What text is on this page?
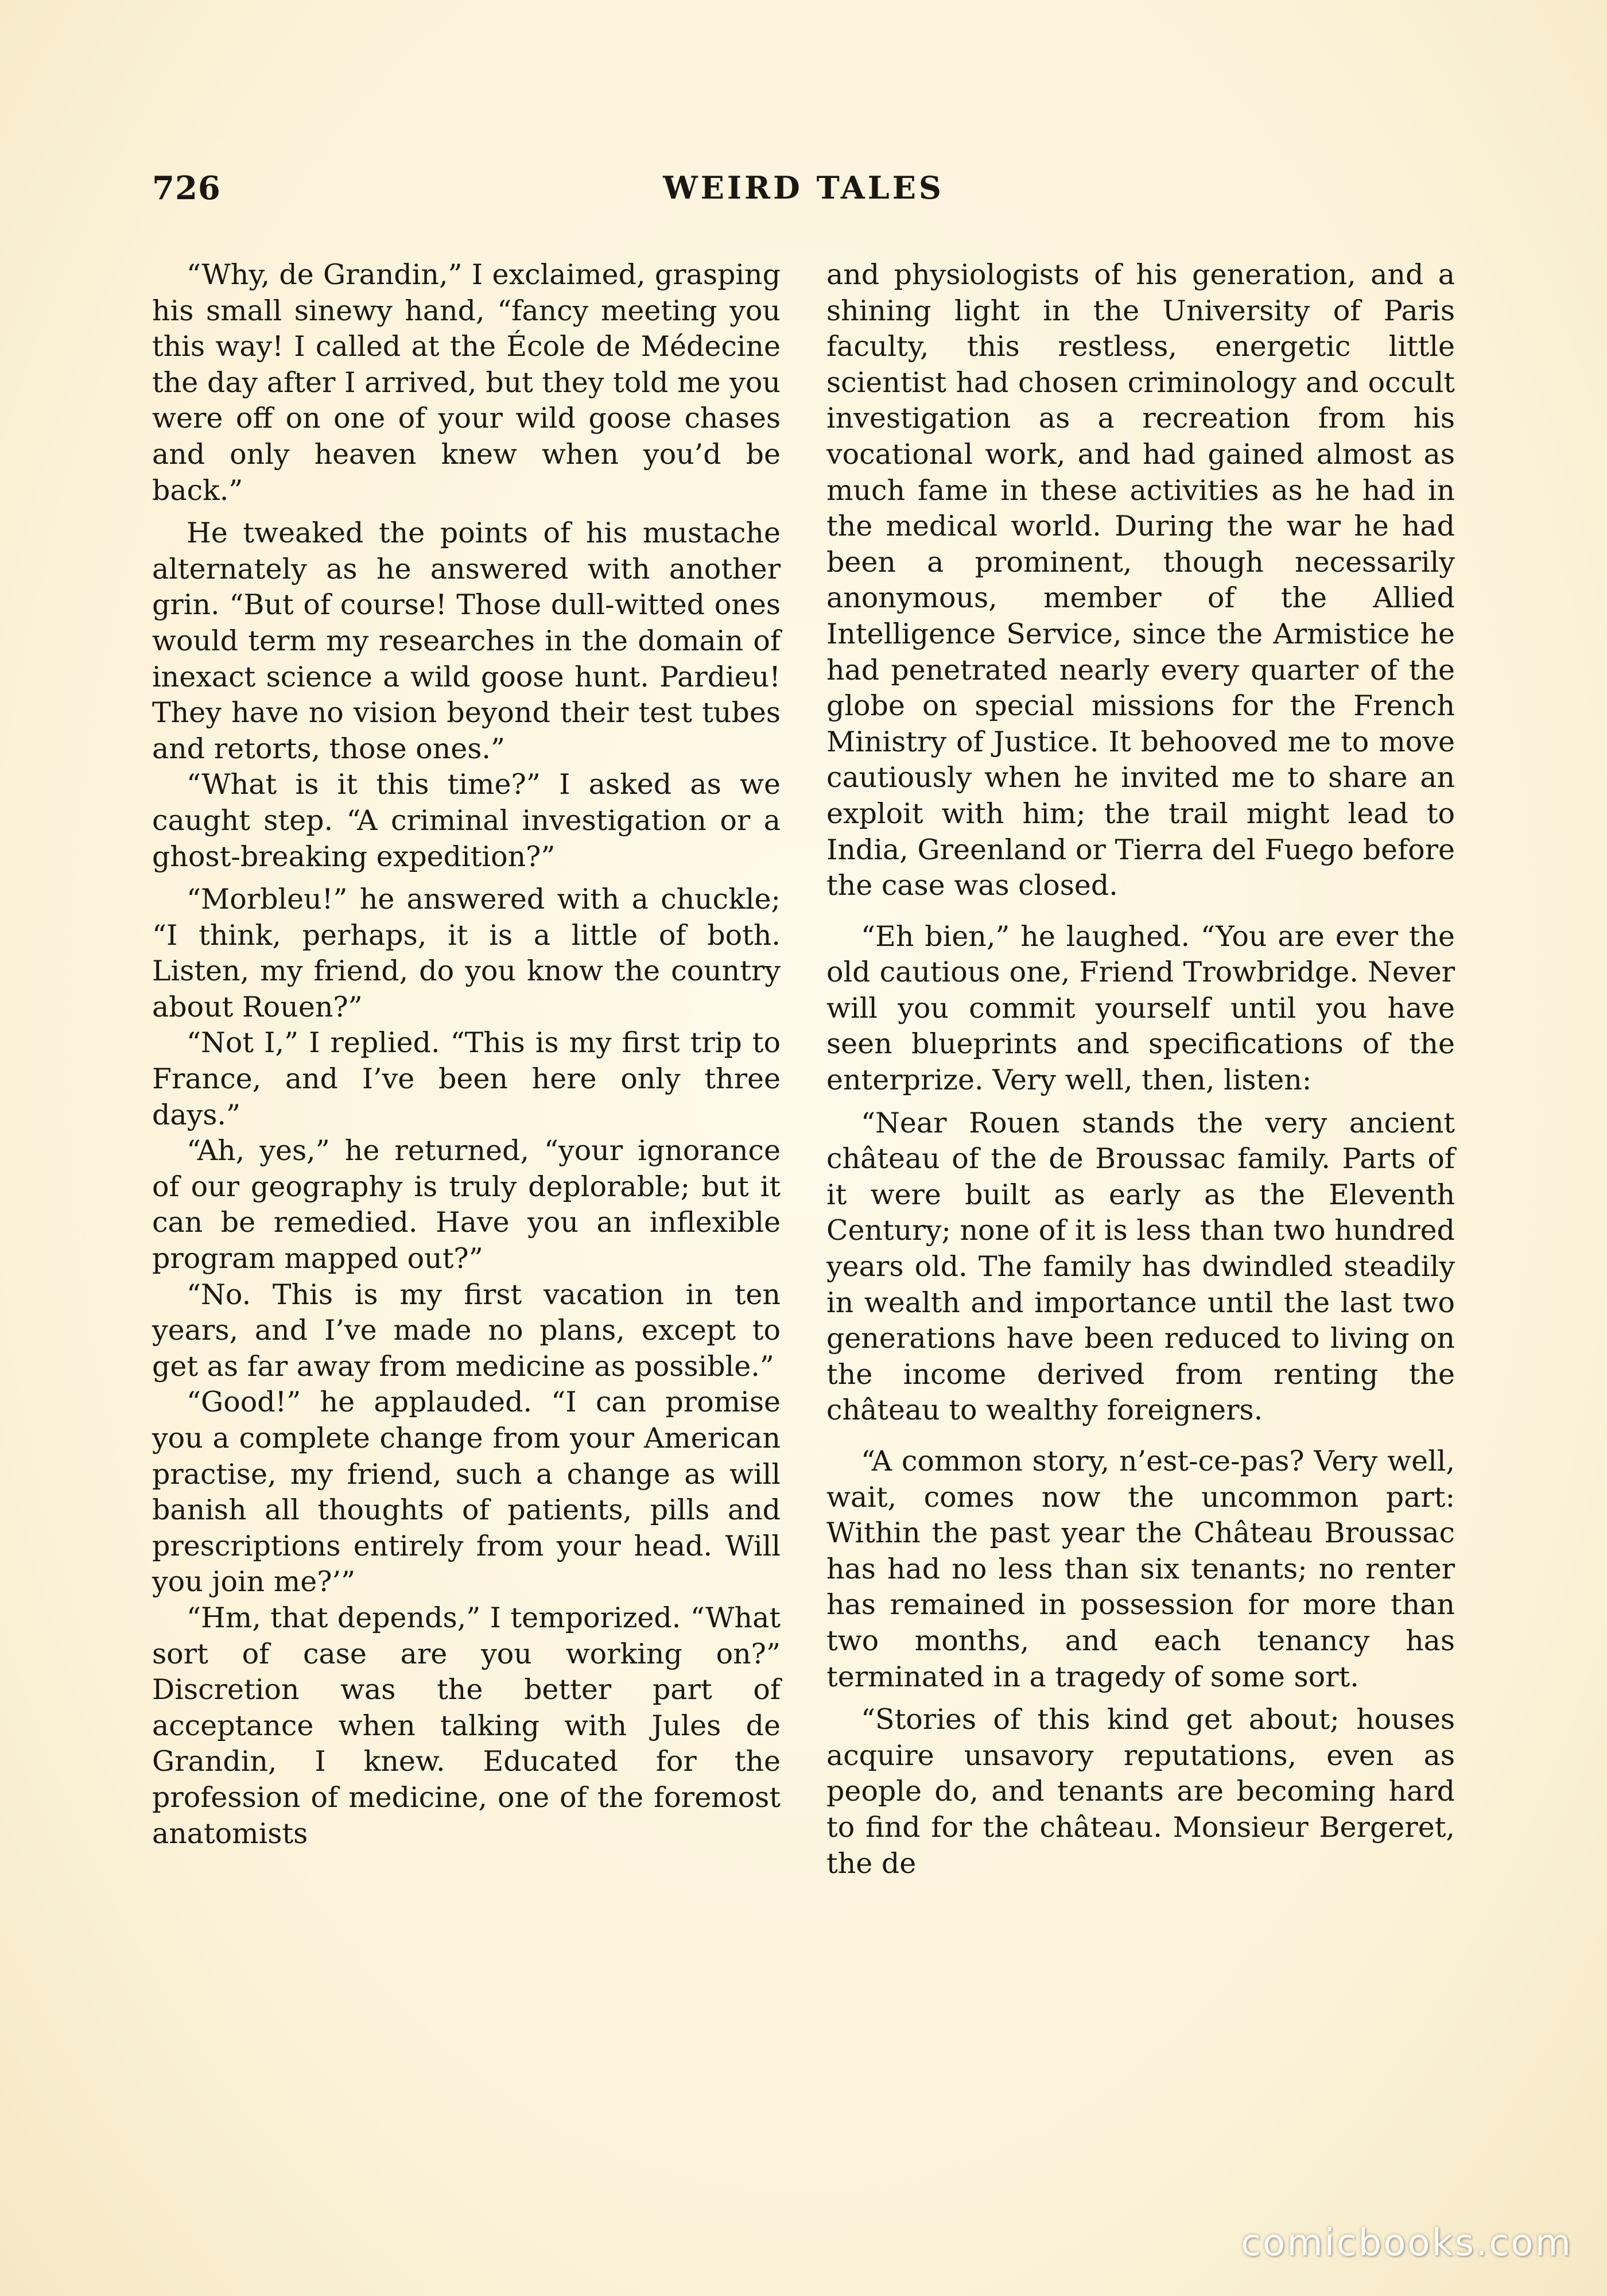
726	WEIRD TALES

“Why, de Grandin,” I exclaimed, grasping his small sinewy hand, “fancy meeting you this way! I called at the École de Médecine the day after I arrived, but they told me you were off on one of your wild goose chases and only heaven knew when you’d be back.”

He tweaked the points of his mustache alternately as he answered with another grin. “But of course! Those dull-witted ones would term my researches in the domain of inexact science a wild goose hunt. Pardieu! They have no vision beyond their test tubes and retorts, those ones.”

“What is it this time?” I asked as we caught step. “A criminal investigation or a ghost-breaking expedition?”

“Morbleu!” he answered with a chuckle; “I think, perhaps, it is a little of both. Listen, my friend, do you know the country about Rouen?”

“Not I,” I replied. “This is my first trip to France, and I’ve been here only three days.”

“Ah, yes,” he returned, “your ignorance of our geography is truly deplorable; but it can be remedied. Have you an inflexible program mapped out?”

“No. This is my first vacation in ten years, and I’ve made no plans, except to get as far away from medicine as possible.”

“Good!” he applauded. “I can promise you a complete change from your American practise, my friend, such a change as will banish all thoughts of patients, pills and prescriptions entirely from your head. Will you join me?’”

“Hm, that depends,” I temporized. “What sort of case are you working on?” Discretion was the better part of acceptance when talking with Jules de Grandin, I knew. Educated for the profession of medicine, one of the foremost anatomists

and physiologists of his generation, and a shining light in the University of Paris faculty, this restless, energetic little scientist had chosen criminology and occult investigation as a recreation from his vocational work, and had gained almost as much fame in these activities as he had in the medical world. During the war he had been a prominent, though necessarily anonymous, member of the Allied Intelligence Service, since the Armistice he had penetrated nearly every quarter of the globe on special missions for the French Ministry of Justice. It behooved me to move cautiously when he invited me to share an exploit with him; the trail might lead to India, Greenland or Tierra del Fuego before the case was closed.

“Eh bien,” he laughed. “You are ever the old cautious one, Friend Trowbridge. Never will you commit yourself until you have seen blueprints and specifications of the enterprize. Very well, then, listen:

“Near Rouen stands the very ancient château of the de Broussac family. Parts of it were built as early as the Eleventh Century; none of it is less than two hundred years old. The family has dwindled steadily in wealth and importance until the last two generations have been reduced to living on the income derived from renting the château to wealthy foreigners.

“A common story, n’est-ce-pas? Very well, wait, comes now the uncommon part: Within the past year the Château Broussac has had no less than six tenants; no renter has remained in possession for more than two months, and each tenancy has terminated in a tragedy of some sort.

“Stories of this kind get about; houses acquire unsavory reputations, even as people do, and tenants are becoming hard to find for the château. Monsieur Bergeret, the de

comicbooks.com
